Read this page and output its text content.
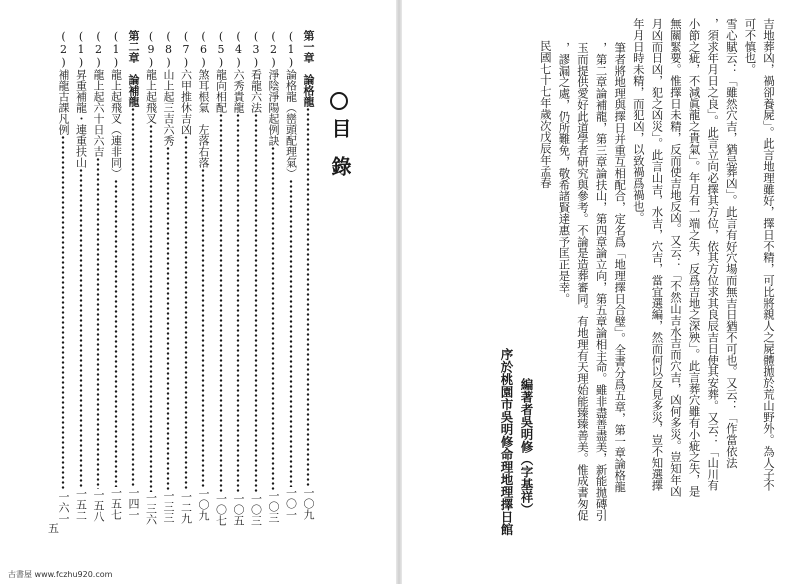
目錄
第一章　論格龍一〇九
(1)論格龍（巒頭配理氣）一〇一
(2)淨陰淨陽起例訣一〇三
(3)看龍六法一〇三
(4)六秀貴龍一〇五
(5)龍向相配一〇七
(6)煞耳根氣　左落右落一〇九
(7)六甲推休吉凶一二九
(8)山上起三吉六秀一三三
(9)龍上起飛叉一三六
第二章　論補龍一四一
(1)龍上起飛叉（連非同）一五七
(2)龍上起六十日六吉一五八
(1)昇重補龍・連重扶山一五二
(2)補龍古課凡例一六一
五
吉地葬凶，禍卻養屍」。此言地理雖好，擇日不精，可比將親人之屍體拋於荒山野外。為人子不
可不慎也。
雪心賦云：「雖然穴吉，猶忌葬凶」。此言有好穴場而無吉日猶不可也。又云：「作當依法
，須求年月日之良」。此言立向必擇其方位，依其方位求其良辰吉日使其安葬。又云：「山川有
小節之疵，不減眞龍之貴氣」。年月有一端之失，反爲吉地之深殃」。此言葬穴雖有小疵之失，是
無關緊要。惟擇日未精，反而使吉地反凶。又云：「不然山吉水吉而穴吉，凶何多災。豈知年凶
月凶而日凶，犯之凶災」。此言山吉，水吉，穴吉，當宜選編，然而何以反見多災，豈不知選擇
年月日時未精，而犯凶，以致禍爲禍也。
筆者將地理與擇日并重互相配合，定名爲「地理擇日合璧」。全書分爲五章，第一章論格龍
，第二章論補龍，第三章論扶山，第四章論立向，第五章論相主命。雖非盡善盡美，新能拋磚引
玉而提供愛好此道學者研究與參考。不論是造葬審同。有地理有天理始能臻臻善美。惟成書匆促
，謬漏之處，仍所難免，敬希諸賢達惠予匡正是幸。
民國七十七年歲次戊辰年孟春
編著者吳明修（字基祥）
序於桃園市吳明修命理地理擇日館
古書屋 www.fczhu920.com
